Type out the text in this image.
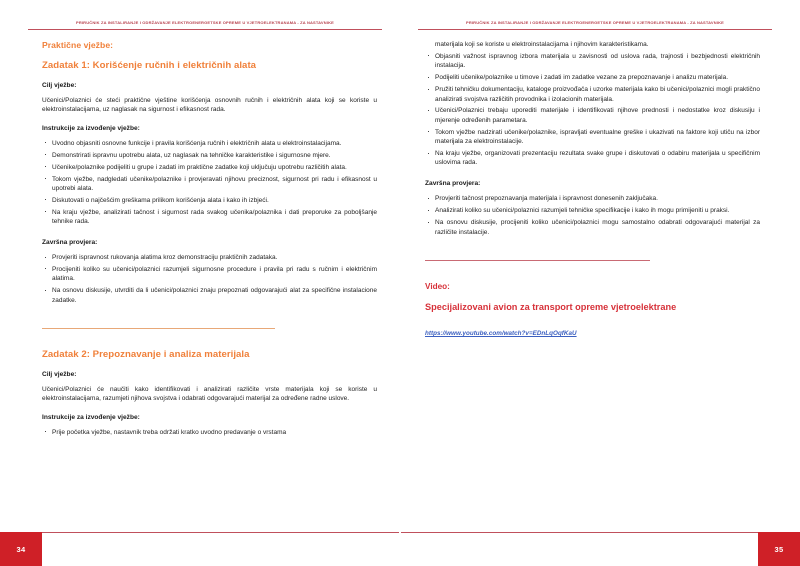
PRIRUČNIK ZA INSTALIRANJE I ODRŽAVANJE ELEKTROENERGETSKE OPREME U VJETROELEKTRANAMA - ZA NASTAVNIKE
Praktične vježbe:
Zadatak 1: Korišćenje ručnih i električnih alata
Cilj vježbe:

Učenici/Polaznici će steći praktične vještine korišćenja osnovnih ručnih i električnih alata koji se koriste u elektroinstalacijama, uz naglasak na sigurnost i efikasnost rada.

Instrukcije za izvođenje vježbe:
· Uvodno objasniti osnovne funkcije i pravila korišćenja ručnih i električnih alata u elektroinstalacijama.
· Demonstrirati ispravnu upotrebu alata, uz naglasak na tehničke karakteristike i sigurnosne mjere.
· Učenike/polaznike podijeliti u grupe i zadati im praktične zadatke koji uključuju upotrebu različitih alata.
· Tokom vježbe, nadgledati učenike/polaznike i provjeravati njihovu preciznost, sigurnost pri radu i efikasnost u upotrebi alata.
· Diskutovati o najčešćim greškama prilikom korišćenja alata i kako ih izbjeći.
· Na kraju vježbe, analizirati tačnost i sigurnost rada svakog učenika/polaznika i dati preporuke za poboljšanje tehnike rada.
Završna provjera:
· Provjeriti ispravnost rukovanja alatima kroz demonstraciju praktičnih zadataka.
· Procijeniti koliko su učenici/polaznici razumjeli sigurnosne procedure i pravila pri radu s ručnim i električnim alatima.
· Na osnovu diskusije, utvrditi da li učenici/polaznici znaju prepoznati odgovarajući alat za specifične instalacione zadatke.
Zadatak 2: Prepoznavanje i analiza materijala
Cilj vježbe:

Učenici/Polaznici će naučiti kako identifikovati i analizirati različite vrste materijala koji se koriste u elektroinstalacijama, razumjeti njihova svojstva i odabrati odgovarajući materijal za određene radne uslove.

Instrukcije za izvođenje vježbe:
· Prije početka vježbe, nastavnik treba održati kratko uvodno predavanje o vrstama
34
PRIRUČNIK ZA INSTALIRANJE I ODRŽAVANJE ELEKTROENERGETSKE OPREME U VJETROELEKTRANAMA - ZA NASTAVNIKE
materijala koji se koriste u elektroinstalacijama i njihovim karakteristikama.
· Objasniti važnost ispravnog izbora materijala u zavisnosti od uslova rada, trajnosti i bezbjednosti električnih instalacija.
· Podijeliti učenike/polaznike u timove i zadati im zadatke vezane za prepoznavanje i analizu materijala.
· Pružiti tehničku dokumentaciju, kataloge proizvođača i uzorke materijala kako bi učenici/polaznici mogli praktično analizirati svojstva različitih provodnika i izolacionih materijala.
· Učenici/Polaznici trebaju uporediti materijale i identifikovati njihove prednosti i nedostatke kroz diskusiju i mjerenje određenih parametara.
· Tokom vježbe nadzirati učenike/polaznike, ispravljati eventualne greške i ukazivati na faktore koji utiču na izbor materijala za elektroinstalacije.
· Na kraju vježbe, organizovati prezentaciju rezultata svake grupe i diskutovati o odabiru materijala u specifičnim uslovima rada.
Završna provjera:
· Provjeriti tačnost prepoznavanja materijala i ispravnost donesenih zaključaka.
· Analizirati koliko su učenici/polaznici razumjeli tehničke specifikacije i kako ih mogu primijeniti u praksi.
· Na osnovu diskusije, procijeniti koliko učenici/polaznici mogu samostalno odabrati odgovarajući materijal za različite instalacije.
Video:
Specijalizovani avion za transport opreme vjetroelektrane
https://www.youtube.com/watch?v=EDnLqOqfKaU
35
